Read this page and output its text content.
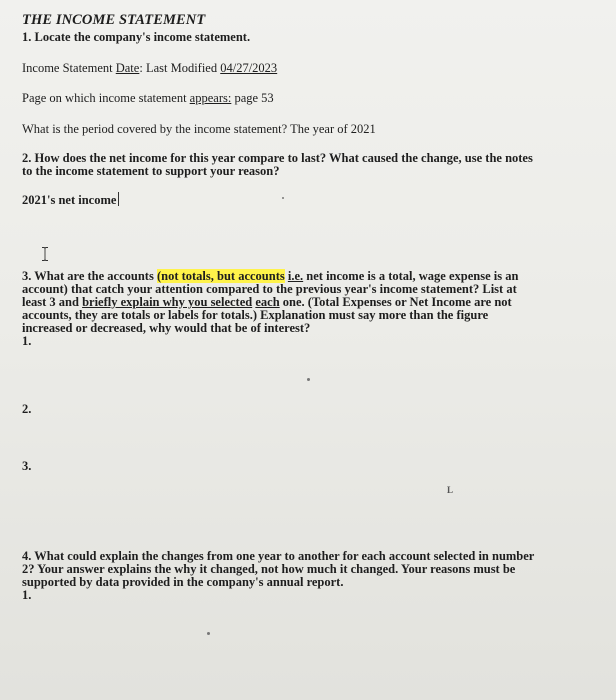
THE INCOME STATEMENT
1. Locate the company's income statement.
Income Statement Date: Last Modified 04/27/2023
Page on which income statement appears: page 53
What is the period covered by the income statement? The year of 2021
2. How does the net income for this year compare to last? What caused the change, use the notes
to the income statement to support your reason?
2021's net income
3. What are the accounts (not totals, but accounts i.e. net income is a total, wage expense is an
account) that catch your attention compared to the previous year's income statement? List at
least 3 and briefly explain why you selected each one. (Total Expenses or Net Income are not
accounts, they are totals or labels for totals.) Explanation must say more than the figure
increased or decreased, why would that be of interest?
1.
2.
3.
4. What could explain the changes from one year to another for each account selected in number
2? Your answer explains the why it changed, not how much it changed. Your reasons must be
supported by data provided in the company's annual report.
1.
L
